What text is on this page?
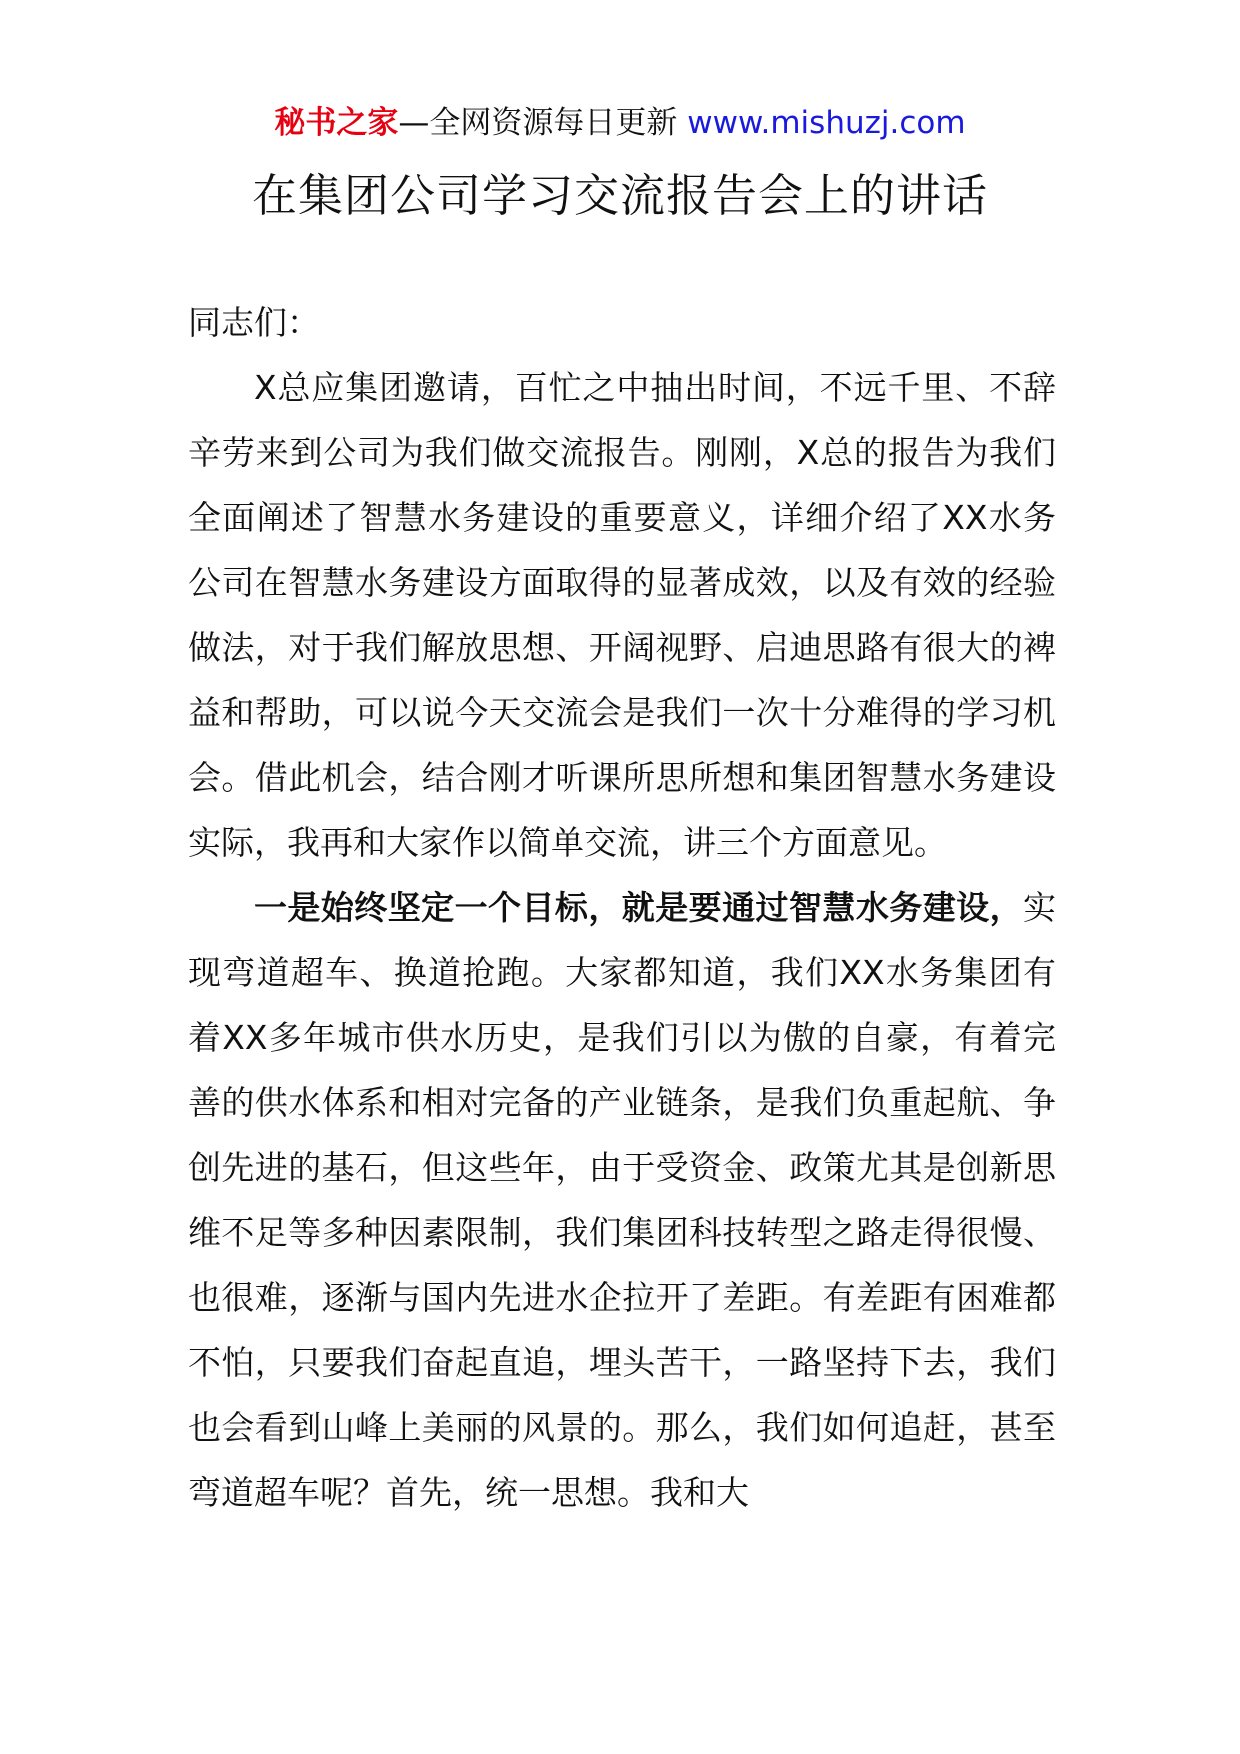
秘书之家—全网资源每日更新 www.mishuzj.com
在集团公司学习交流报告会上的讲话

同志们：

X总应集团邀请，百忙之中抽出时间，不远千里、不辞辛劳来到公司为我们做交流报告。刚刚，X总的报告为我们全面阐述了智慧水务建设的重要意义，详细介绍了XX水务公司在智慧水务建设方面取得的显著成效，以及有效的经验做法，对于我们解放思想、开阔视野、启迪思路有很大的裨益和帮助，可以说今天交流会是我们一次十分难得的学习机会。借此机会，结合刚才听课所思所想和集团智慧水务建设实际，我再和大家作以简单交流，讲三个方面意见。

一是始终坚定一个目标，就是要通过智慧水务建设，实现弯道超车、换道抢跑。大家都知道，我们XX水务集团有着XX多年城市供水历史，是我们引以为傲的自豪，有着完善的供水体系和相对完备的产业链条，是我们负重起航、争创先进的基石，但这些年，由于受资金、政策尤其是创新思维不足等多种因素限制，我们集团科技转型之路走得很慢、也很难，逐渐与国内先进水企拉开了差距。有差距有困难都不怕，只要我们奋起直追，埋头苦干，一路坚持下去，我们也会看到山峰上美丽的风景的。那么，我们如何追赶，甚至弯道超车呢？首先，统一思想。我和大
